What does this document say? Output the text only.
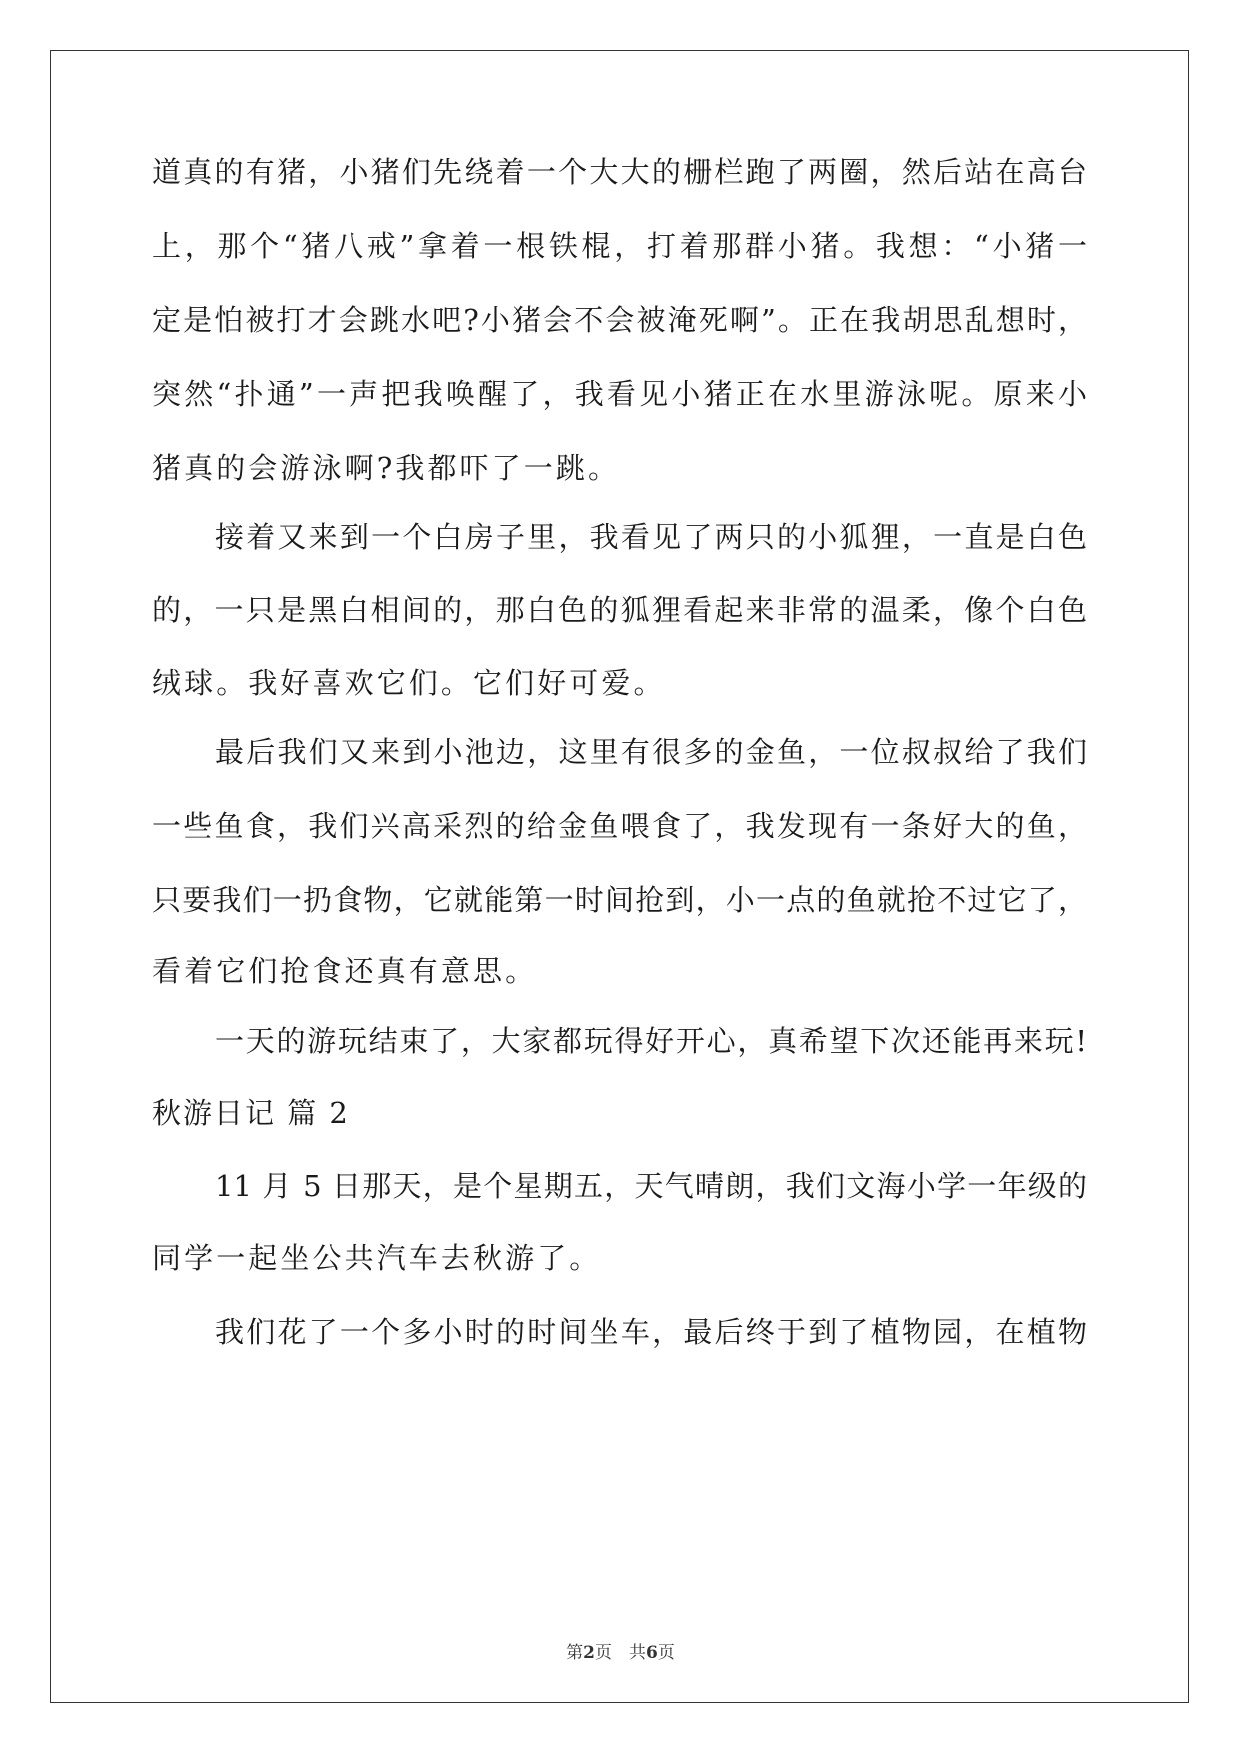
道真的有猪，小猪们先绕着一个大大的栅栏跑了两圈，然后站在高台
上，那个“猪八戒”拿着一根铁棍，打着那群小猪。我想：“小猪一
定是怕被打才会跳水吧?小猪会不会被淹死啊”。正在我胡思乱想时，
突然“扑通”一声把我唤醒了，我看见小猪正在水里游泳呢。原来小
猪真的会游泳啊?我都吓了一跳。
接着又来到一个白房子里，我看见了两只的小狐狸，一直是白色
的，一只是黑白相间的，那白色的狐狸看起来非常的温柔，像个白色
绒球。我好喜欢它们。它们好可爱。
最后我们又来到小池边，这里有很多的金鱼，一位叔叔给了我们
一些鱼食，我们兴高采烈的给金鱼喂食了，我发现有一条好大的鱼，
只要我们一扔食物，它就能第一时间抢到，小一点的鱼就抢不过它了，
看着它们抢食还真有意思。
一天的游玩结束了，大家都玩得好开心，真希望下次还能再来玩!
秋游日记 篇 2
11 月 5 日那天，是个星期五，天气晴朗，我们文海小学一年级的
同学一起坐公共汽车去秋游了。
我们花了一个多小时的时间坐车，最后终于到了植物园，在植物
第2页　共6页
